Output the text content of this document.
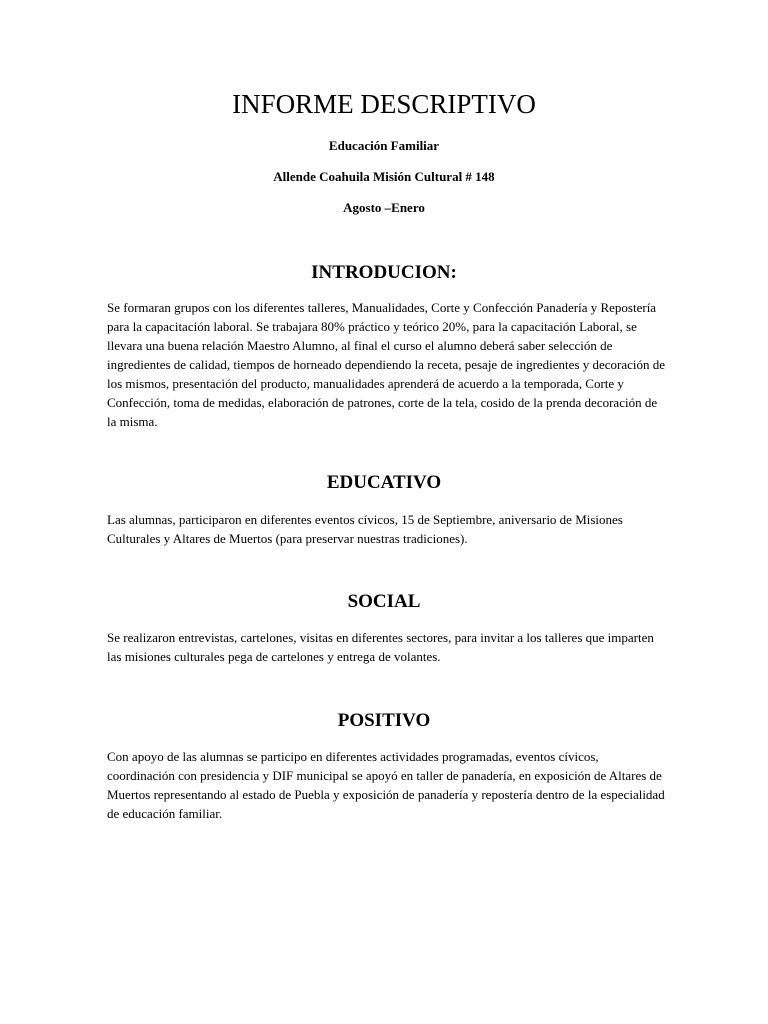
INFORME DESCRIPTIVO

Educación Familiar

Allende Coahuila Misión Cultural # 148

Agosto –Enero

INTRODUCION:

Se formaran grupos con los diferentes talleres, Manualidades, Corte y Confección Panadería y Repostería para la capacitación laboral. Se trabajara 80% práctico y teórico 20%, para la capacitación Laboral, se llevara una buena relación Maestro Alumno, al final el curso el alumno deberá saber selección de ingredientes de calidad, tiempos de horneado dependiendo la receta, pesaje de ingredientes y decoración de los mismos, presentación del producto, manualidades aprenderá de acuerdo a la temporada, Corte y Confección, toma de medidas, elaboración de patrones, corte de la tela, cosido de la prenda decoración de la misma.

EDUCATIVO

Las alumnas, participaron en diferentes eventos cívicos, 15 de Septiembre, aniversario de Misiones Culturales y Altares de Muertos (para preservar nuestras tradiciones).

SOCIAL

Se realizaron entrevistas, cartelones, visitas en diferentes sectores, para invitar a los talleres que imparten las misiones culturales pega de cartelones y entrega de volantes.

POSITIVO

Con apoyo de las alumnas se participo en diferentes actividades programadas, eventos cívicos, coordinación con presidencia y DIF municipal se apoyó en taller de panadería, en exposición de Altares de Muertos representando al estado de Puebla y exposición de panadería y repostería dentro de la especialidad de educación familiar.
